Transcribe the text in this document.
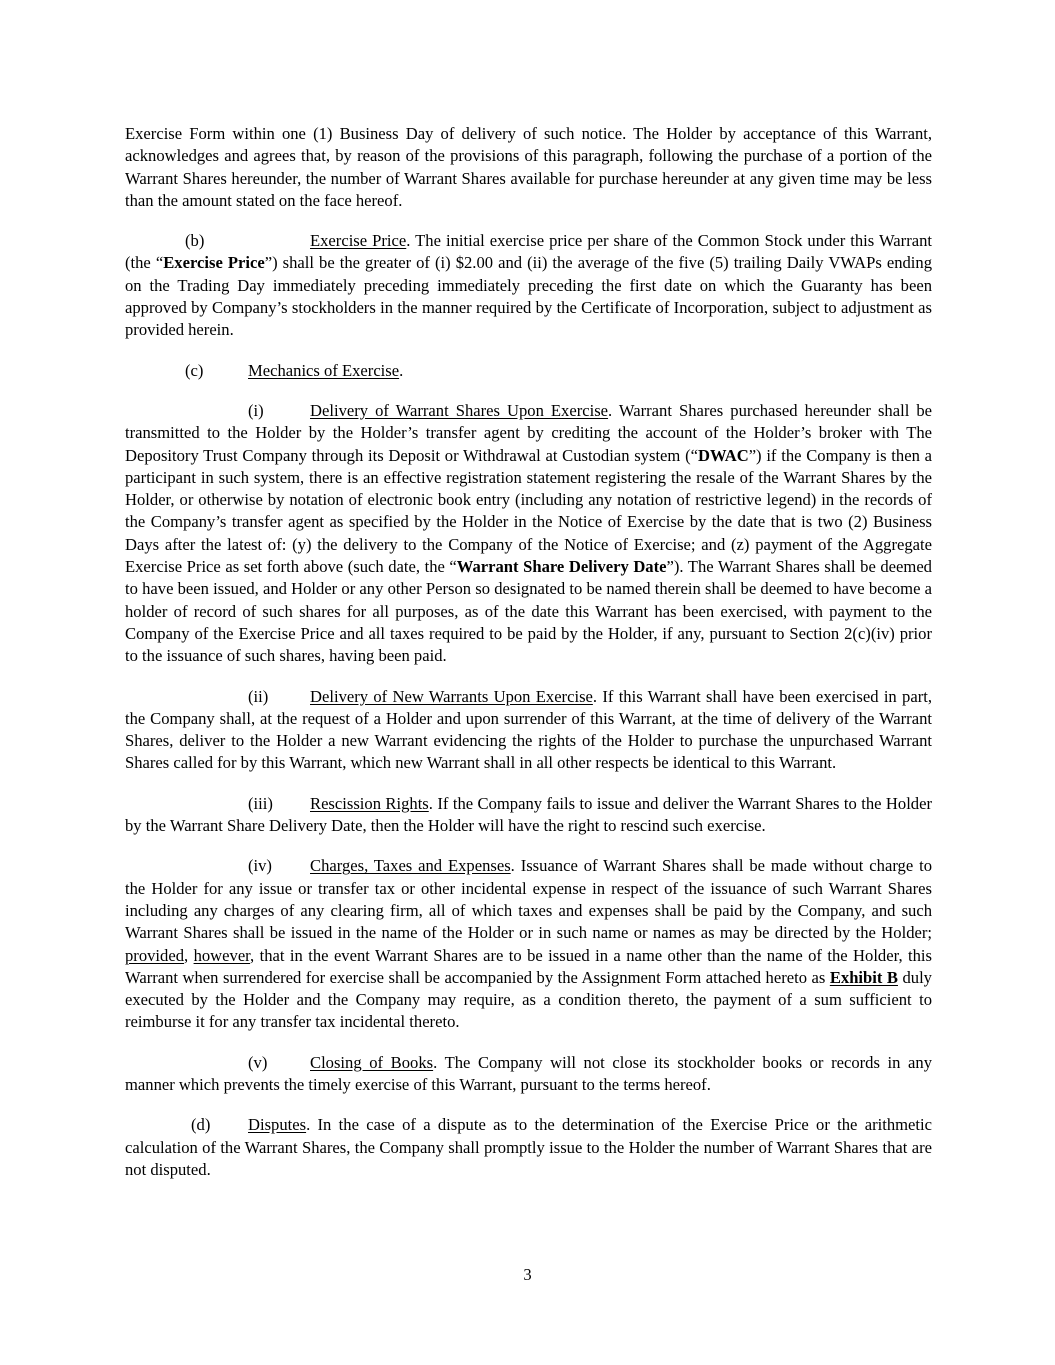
Exercise Form within one (1) Business Day of delivery of such notice. The Holder by acceptance of this Warrant, acknowledges and agrees that, by reason of the provisions of this paragraph, following the purchase of a portion of the Warrant Shares hereunder, the number of Warrant Shares available for purchase hereunder at any given time may be less than the amount stated on the face hereof.

(b)	Exercise Price. The initial exercise price per share of the Common Stock under this Warrant (the “Exercise Price”) shall be the greater of (i) $2.00 and (ii) the average of the five (5) trailing Daily VWAPs ending on the Trading Day immediately preceding immediately preceding the first date on which the Guaranty has been approved by Company’s stockholders in the manner required by the Certificate of Incorporation, subject to adjustment as provided herein.

(c)	Mechanics of Exercise.

(i)	Delivery of Warrant Shares Upon Exercise. Warrant Shares purchased hereunder shall be transmitted to the Holder by the Holder’s transfer agent by crediting the account of the Holder’s broker with The Depository Trust Company through its Deposit or Withdrawal at Custodian system (“DWAC”) if the Company is then a participant in such system, there is an effective registration statement registering the resale of the Warrant Shares by the Holder, or otherwise by notation of electronic book entry (including any notation of restrictive legend) in the records of the Company’s transfer agent as specified by the Holder in the Notice of Exercise by the date that is two (2) Business Days after the latest of: (y) the delivery to the Company of the Notice of Exercise; and (z) payment of the Aggregate Exercise Price as set forth above (such date, the “Warrant Share Delivery Date”). The Warrant Shares shall be deemed to have been issued, and Holder or any other Person so designated to be named therein shall be deemed to have become a holder of record of such shares for all purposes, as of the date this Warrant has been exercised, with payment to the Company of the Exercise Price and all taxes required to be paid by the Holder, if any, pursuant to Section 2(c)(iv) prior to the issuance of such shares, having been paid.

(ii)	Delivery of New Warrants Upon Exercise. If this Warrant shall have been exercised in part, the Company shall, at the request of a Holder and upon surrender of this Warrant, at the time of delivery of the Warrant Shares, deliver to the Holder a new Warrant evidencing the rights of the Holder to purchase the unpurchased Warrant Shares called for by this Warrant, which new Warrant shall in all other respects be identical to this Warrant.

(iii) Rescission Rights. If the Company fails to issue and deliver the Warrant Shares to the Holder by the Warrant Share Delivery Date, then the Holder will have the right to rescind such exercise.

(iv) Charges, Taxes and Expenses. Issuance of Warrant Shares shall be made without charge to the Holder for any issue or transfer tax or other incidental expense in respect of the issuance of such Warrant Shares including any charges of any clearing firm, all of which taxes and expenses shall be paid by the Company, and such Warrant Shares shall be issued in the name of the Holder or in such name or names as may be directed by the Holder; provided, however, that in the event Warrant Shares are to be issued in a name other than the name of the Holder, this Warrant when surrendered for exercise shall be accompanied by the Assignment Form attached hereto as Exhibit B duly executed by the Holder and the Company may require, as a condition thereto, the payment of a sum sufficient to reimburse it for any transfer tax incidental thereto.

(v)	Closing of Books. The Company will not close its stockholder books or records in any manner which prevents the timely exercise of this Warrant, pursuant to the terms hereof.

(d) Disputes. In the case of a dispute as to the determination of the Exercise Price or the arithmetic calculation of the Warrant Shares, the Company shall promptly issue to the Holder the number of Warrant Shares that are not disputed.

3
